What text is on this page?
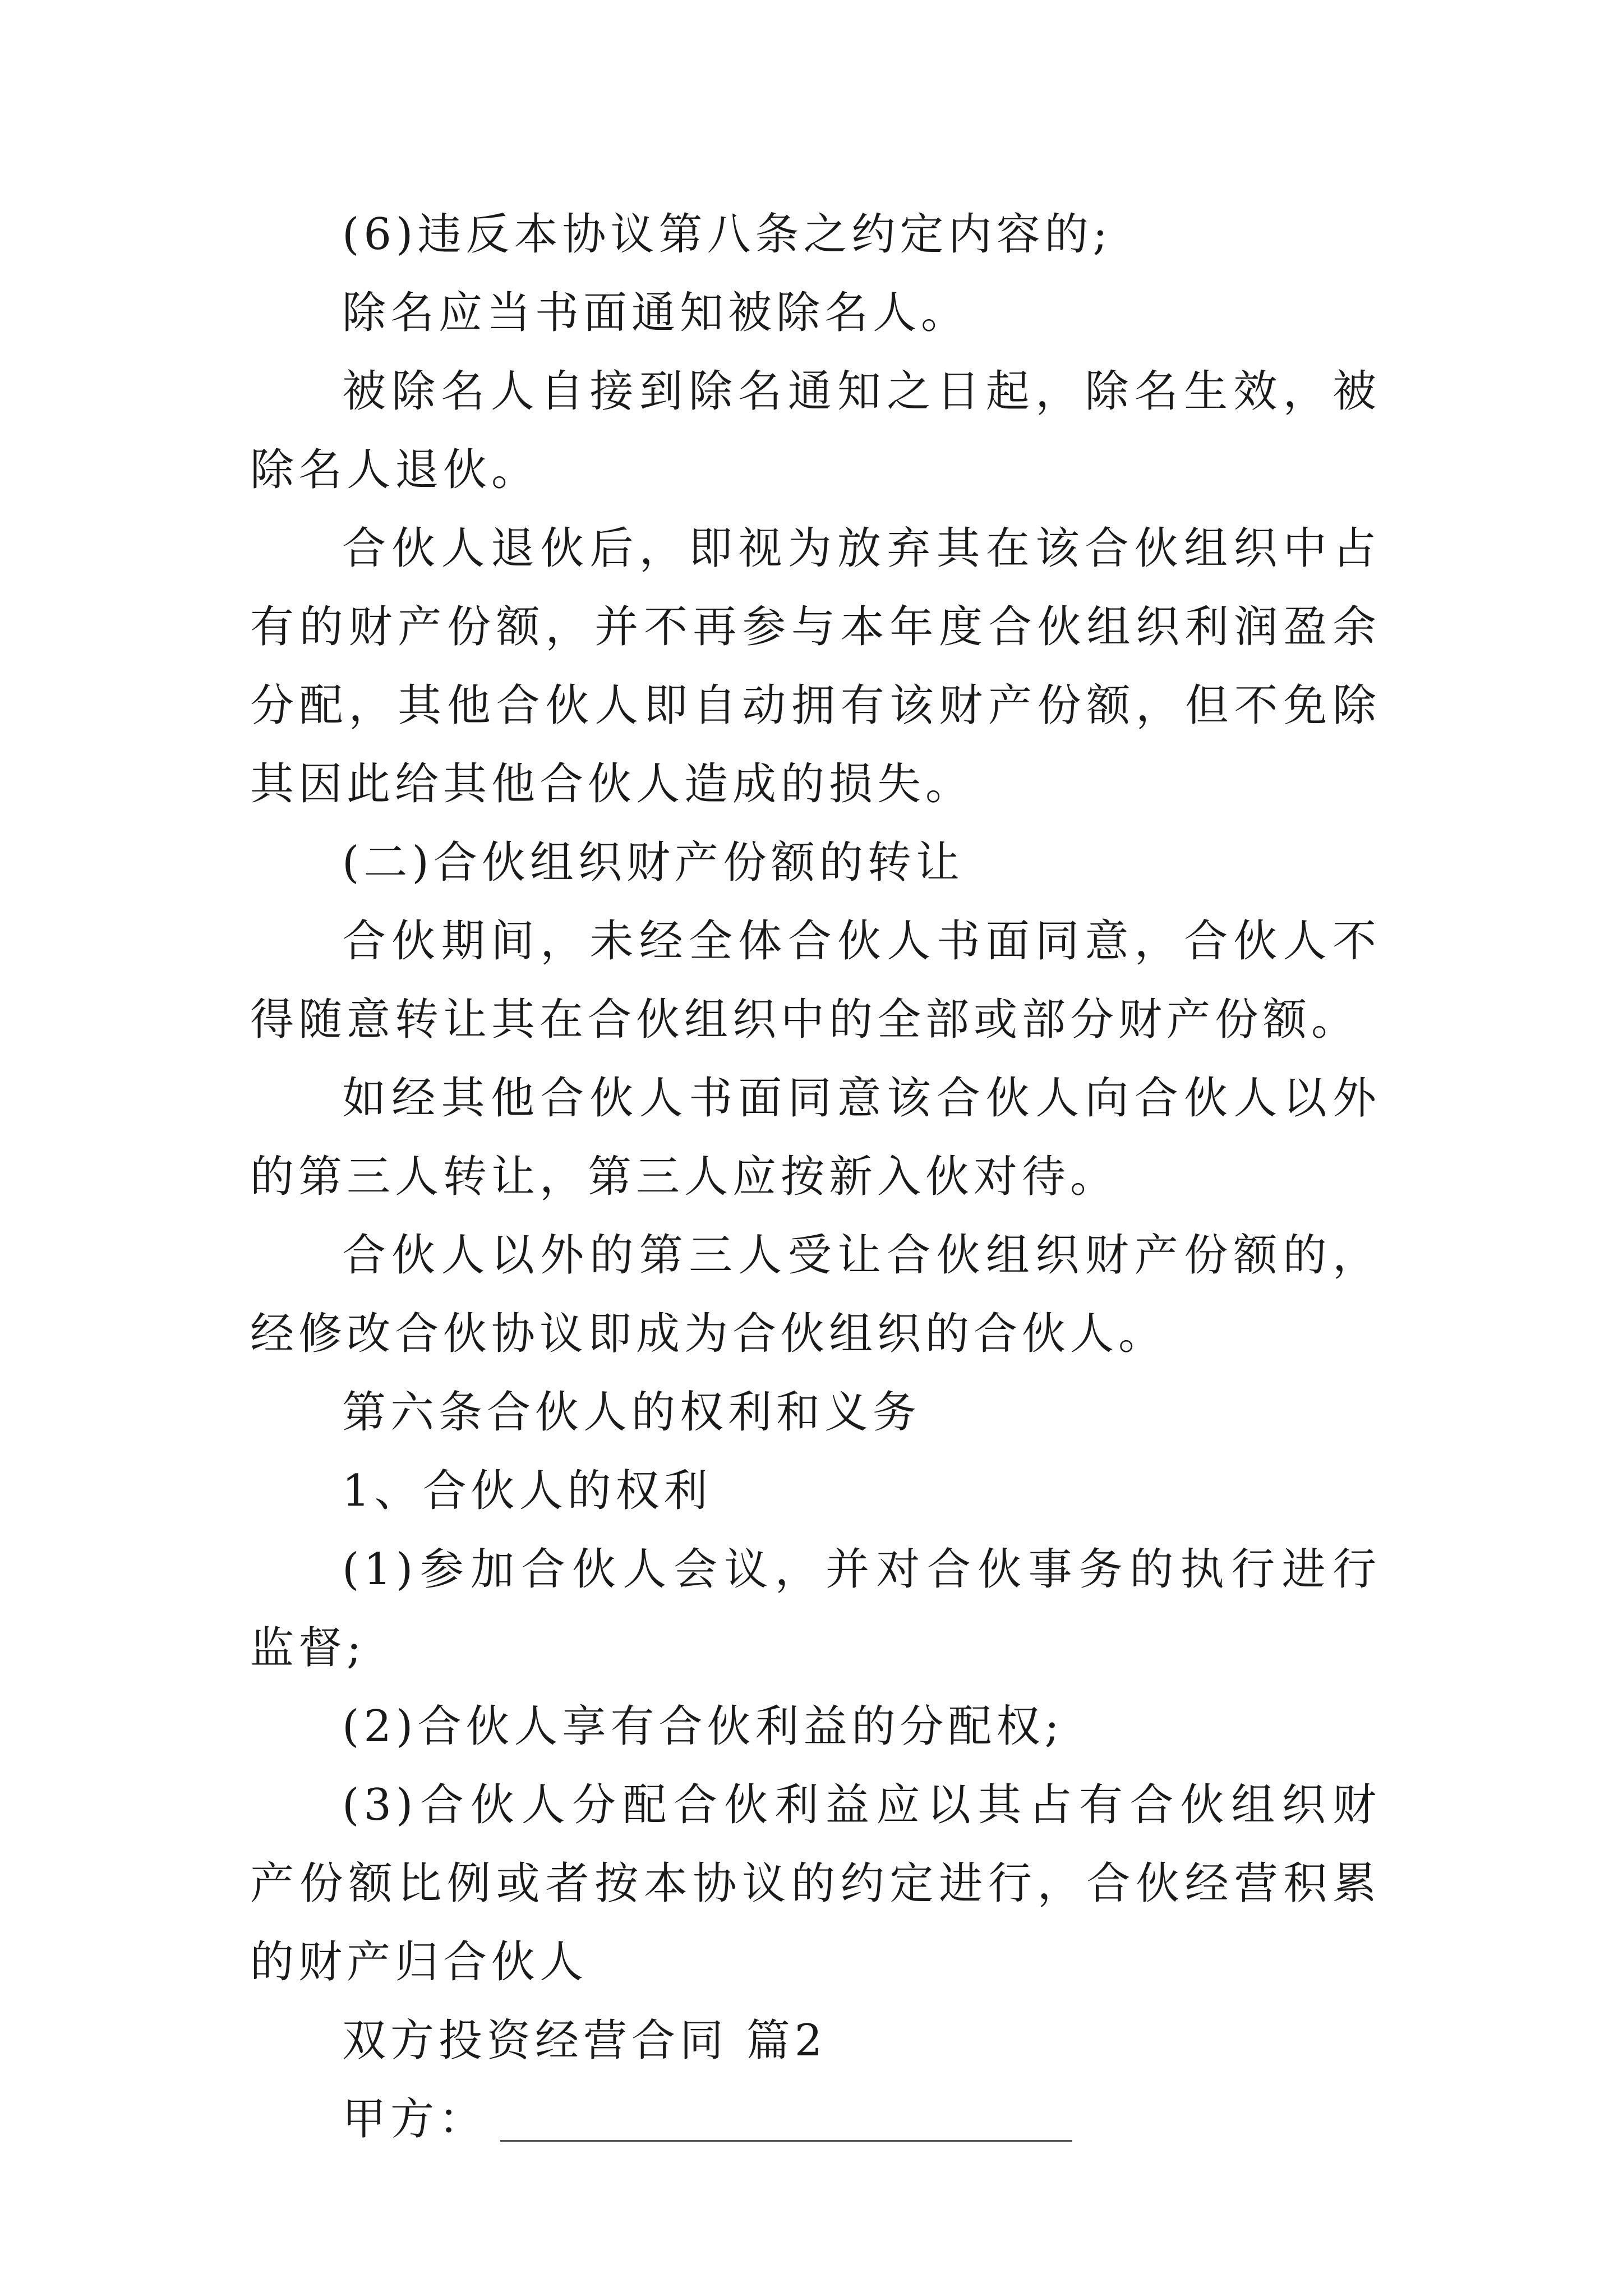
(6)违反本协议第八条之约定内容的;

除名应当书面通知被除名人。

被除名人自接到除名通知之日起，除名生效，被除名人退伙。

合伙人退伙后，即视为放弃其在该合伙组织中占有的财产份额，并不再参与本年度合伙组织利润盈余分配，其他合伙人即自动拥有该财产份额，但不免除其因此给其他合伙人造成的损失。

(二)合伙组织财产份额的转让

合伙期间，未经全体合伙人书面同意，合伙人不得随意转让其在合伙组织中的全部或部分财产份额。

如经其他合伙人书面同意该合伙人向合伙人以外的第三人转让，第三人应按新入伙对待。

合伙人以外的第三人受让合伙组织财产份额的，经修改合伙协议即成为合伙组织的合伙人。

第六条合伙人的权利和义务

1、合伙人的权利

(1)参加合伙人会议，并对合伙事务的执行进行监督;

(2)合伙人享有合伙利益的分配权;

(3)合伙人分配合伙利益应以其占有合伙组织财产份额比例或者按本协议的约定进行，合伙经营积累的财产归合伙人

双方投资经营合同 篇2

甲方：
